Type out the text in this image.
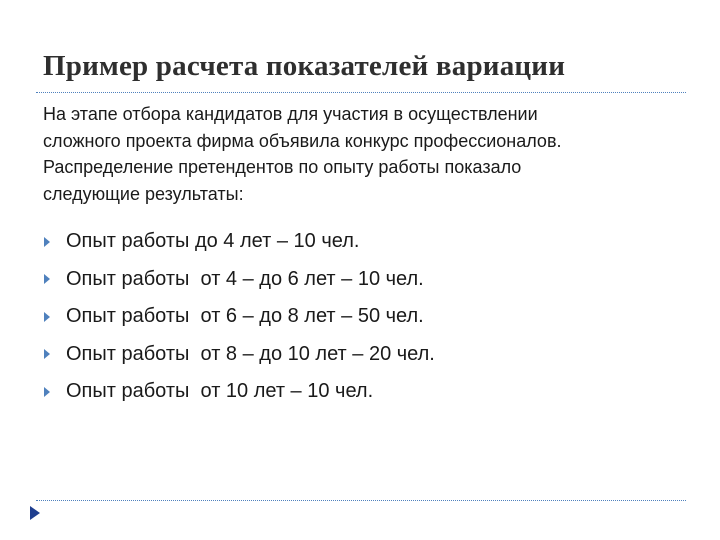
Пример расчета показателей вариации

На этапе отбора кандидатов для участия в осуществлении
сложного проекта фирма объявила конкурс профессионалов.
Распределение претендентов по опыту работы показало
следующие результаты:

Опыт работы до 4 лет – 10 чел.
Опыт работы  от 4 – до 6 лет – 10 чел.
Опыт работы  от 6 – до 8 лет – 50 чел.
Опыт работы  от 8 – до 10 лет – 20 чел.
Опыт работы  от 10 лет – 10 чел.
